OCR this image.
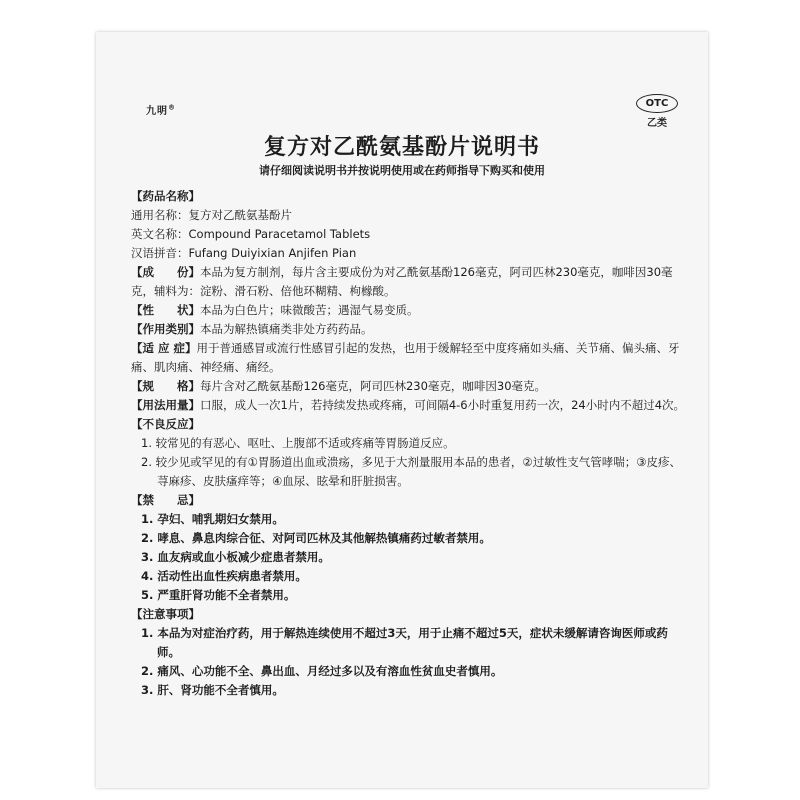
九明®	OTC
乙类
复方对乙酰氨基酚片说明书
请仔细阅读说明书并按说明使用或在药师指导下购买和使用
【药品名称】
通用名称：复方对乙酰氨基酚片
英文名称：Compound Paracetamol Tablets
汉语拼音：Fufang Duiyixian Anjifen Pian
【成　　份】本品为复方制剂，每片含主要成份为对乙酰氨基酚126毫克，阿司匹林230毫克，咖啡因30毫克，辅料为：淀粉、滑石粉、倍他环糊精、枸橼酸。
【性　　状】本品为白色片；味微酸苦；遇湿气易变质。
【作用类别】本品为解热镇痛类非处方药药品。
【适 应 症】用于普通感冒或流行性感冒引起的发热，也用于缓解轻至中度疼痛如头痛、关节痛、偏头痛、牙痛、肌肉痛、神经痛、痛经。
【规　　格】每片含对乙酰氨基酚126毫克，阿司匹林230毫克，咖啡因30毫克。
【用法用量】口服，成人一次1片，若持续发热或疼痛，可间隔4-6小时重复用药一次，24小时内不超过4次。
【不良反应】
1. 较常见的有恶心、呕吐、上腹部不适或疼痛等胃肠道反应。
2. 较少见或罕见的有①胃肠道出血或溃疡，多见于大剂量服用本品的患者，②过敏性支气管哮喘；③皮疹、荨麻疹、皮肤瘙痒等；④血尿、眩晕和肝脏损害。
【禁　　忌】
1. 孕妇、哺乳期妇女禁用。
2. 哮息、鼻息肉综合征、对阿司匹林及其他解热镇痛药过敏者禁用。
3. 血友病或血小板减少症患者禁用。
4. 活动性出血性疾病患者禁用。
5. 严重肝肾功能不全者禁用。
【注意事项】
1. 本品为对症治疗药，用于解热连续使用不超过3天，用于止痛不超过5天，症状未缓解请咨询医师或药师。
2. 痛风、心功能不全、鼻出血、月经过多以及有溶血性贫血史者慎用。
3. 肝、肾功能不全者慎用。
